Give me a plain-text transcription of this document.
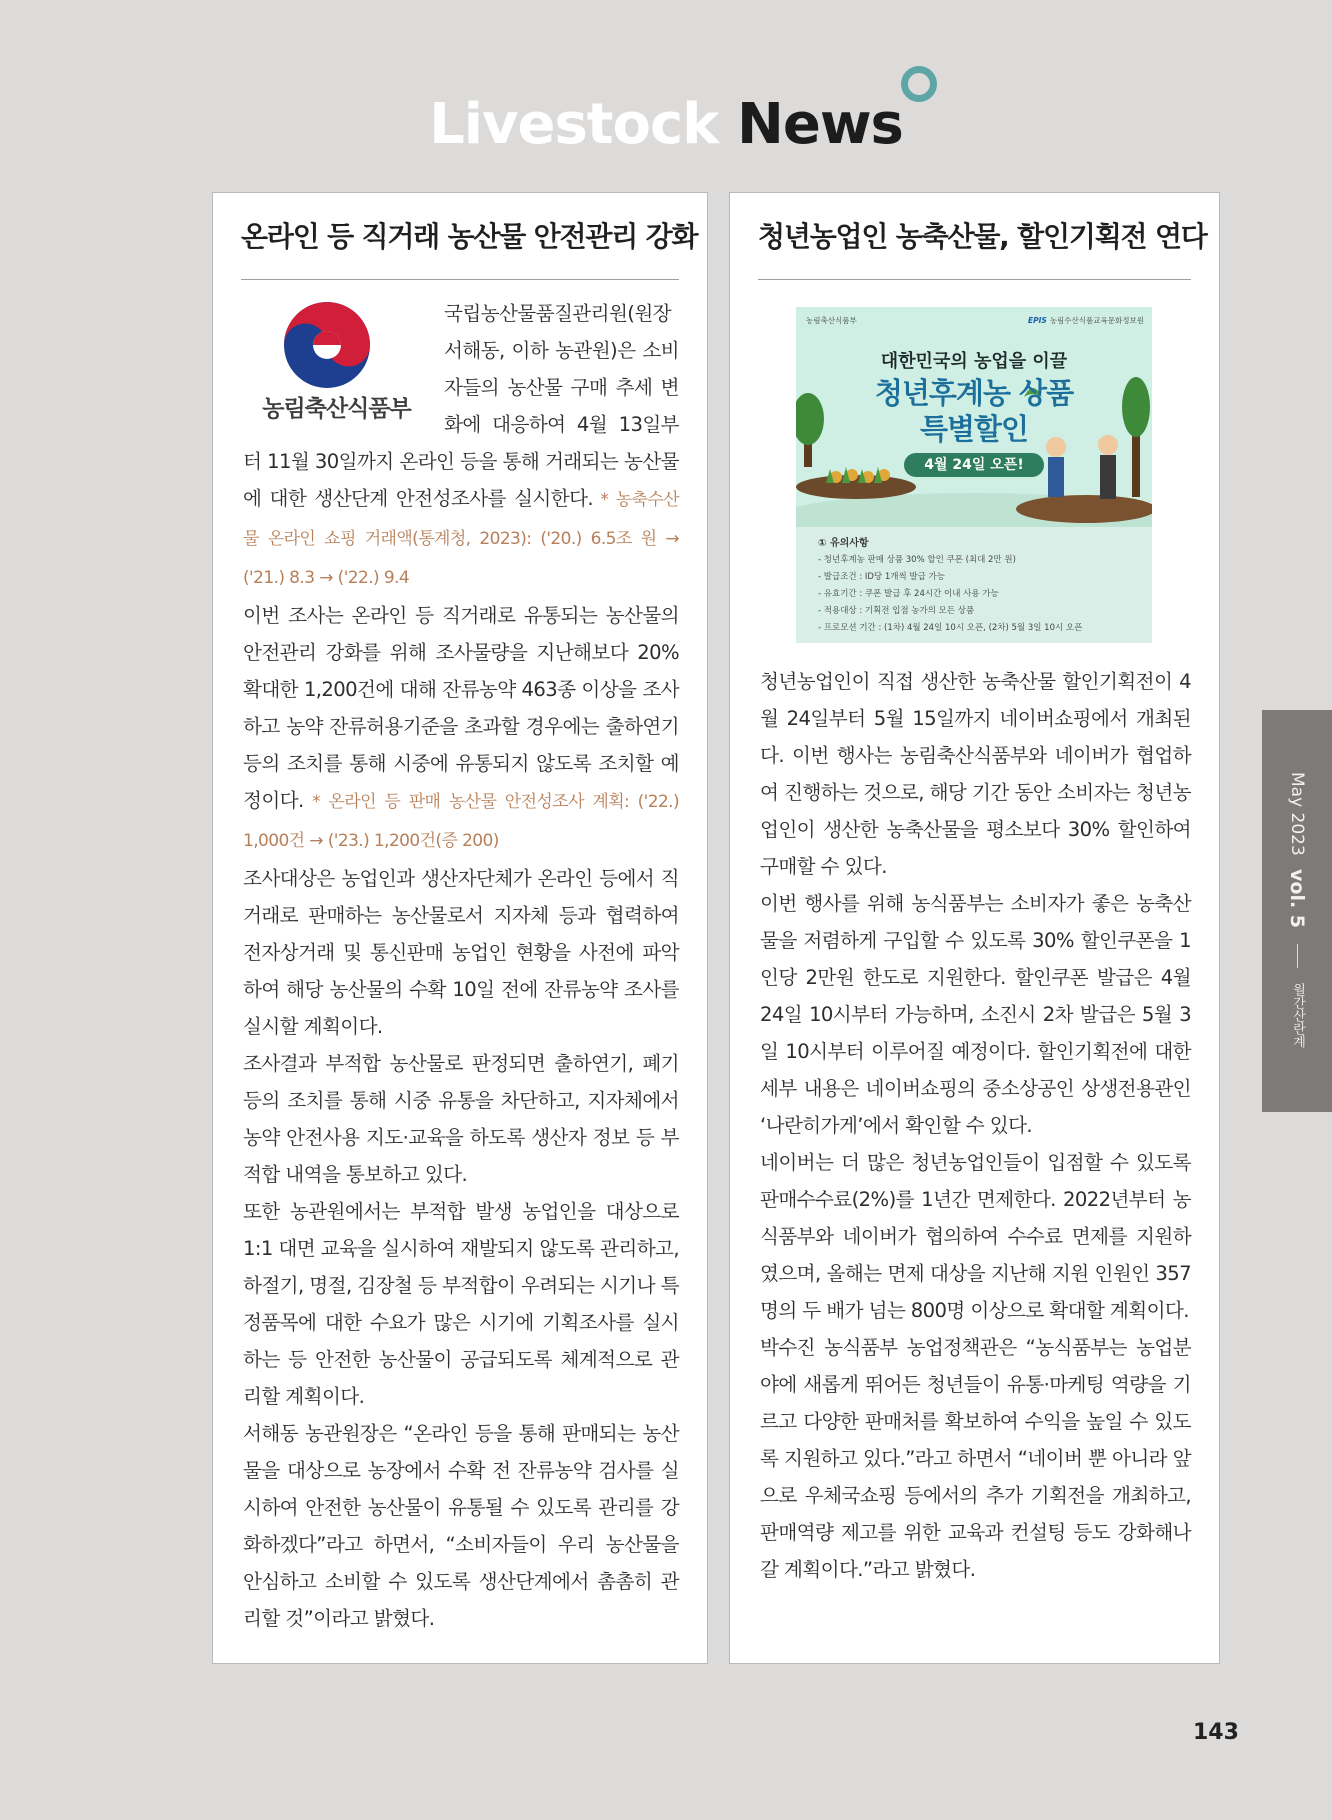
Livestock News
온라인 등 직거래 농산물 안전관리 강화
농림축산식품부

국립농산물품질관리원(원장 서해동, 이하 농관원)은 소비자들의 농산물 구매 추세 변화에 대응하여 4월 13일부터 11월 30일까지 온라인 등을 통해 거래되는 농산물에 대한 생산단계 안전성조사를 실시한다. * 농축수산물 온라인 쇼핑 거래액(통계청, 2023): ('20.) 6.5조 원 → ('21.) 8.3 → ('22.) 9.4

이번 조사는 온라인 등 직거래로 유통되는 농산물의 안전관리 강화를 위해 조사물량을 지난해보다 20% 확대한 1,200건에 대해 잔류농약 463종 이상을 조사하고 농약 잔류허용기준을 초과할 경우에는 출하연기 등의 조치를 통해 시중에 유통되지 않도록 조치할 예정이다. * 온라인 등 판매 농산물 안전성조사 계획: ('22.) 1,000건 → ('23.) 1,200건(증 200)

조사대상은 농업인과 생산자단체가 온라인 등에서 직거래로 판매하는 농산물로서 지자체 등과 협력하여 전자상거래 및 통신판매 농업인 현황을 사전에 파악하여 해당 농산물의 수확 10일 전에 잔류농약 조사를 실시할 계획이다.

조사결과 부적합 농산물로 판정되면 출하연기, 폐기 등의 조치를 통해 시중 유통을 차단하고, 지자체에서 농약 안전사용 지도·교육을 하도록 생산자 정보 등 부적합 내역을 통보하고 있다.

또한 농관원에서는 부적합 발생 농업인을 대상으로 1:1 대면 교육을 실시하여 재발되지 않도록 관리하고, 하절기, 명절, 김장철 등 부적합이 우려되는 시기나 특정품목에 대한 수요가 많은 시기에 기획조사를 실시하는 등 안전한 농산물이 공급되도록 체계적으로 관리할 계획이다.

서해동 농관원장은 “온라인 등을 통해 판매되는 농산물을 대상으로 농장에서 수확 전 잔류농약 검사를 실시하여 안전한 농산물이 유통될 수 있도록 관리를 강화하겠다”라고 하면서, “소비자들이 우리 농산물을 안심하고 소비할 수 있도록 생산단계에서 촘촘히 관리할 것”이라고 밝혔다.

청년농업인 농축산물, 할인기획전 연다
농림축산식품부	EPIS 농림수산식품교육문화정보원
대한민국의 농업을 이끌
청년후계농 상품
특별할인
4월 24일 오픈!
① 유의사항
- 청년후계농 판매 상품 30% 할인 쿠폰 (최대 2만 원)
- 발급조건 : ID당 1개씩 발급 가능
- 유효기간 : 쿠폰 발급 후 24시간 이내 사용 가능
- 적용대상 : 기획전 입점 농가의 모든 상품
- 프로모션 기간 : (1차) 4월 24일 10시 오픈, (2차) 5월 3일 10시 오픈

청년농업인이 직접 생산한 농축산물 할인기획전이 4월 24일부터 5월 15일까지 네이버쇼핑에서 개최된다. 이번 행사는 농림축산식품부와 네이버가 협업하여 진행하는 것으로, 해당 기간 동안 소비자는 청년농업인이 생산한 농축산물을 평소보다 30% 할인하여 구매할 수 있다.

이번 행사를 위해 농식품부는 소비자가 좋은 농축산물을 저렴하게 구입할 수 있도록 30% 할인쿠폰을 1인당 2만원 한도로 지원한다. 할인쿠폰 발급은 4월 24일 10시부터 가능하며, 소진시 2차 발급은 5월 3일 10시부터 이루어질 예정이다. 할인기획전에 대한 세부 내용은 네이버쇼핑의 중소상공인 상생전용관인 ‘나란히가게’에서 확인할 수 있다.

네이버는 더 많은 청년농업인들이 입점할 수 있도록 판매수수료(2%)를 1년간 면제한다. 2022년부터 농식품부와 네이버가 협의하여 수수료 면제를 지원하였으며, 올해는 면제 대상을 지난해 지원 인원인 357명의 두 배가 넘는 800명 이상으로 확대할 계획이다.

박수진 농식품부 농업정책관은 “농식품부는 농업분야에 새롭게 뛰어든 청년들이 유통·마케팅 역량을 기르고 다양한 판매처를 확보하여 수익을 높일 수 있도록 지원하고 있다.”라고 하면서 “네이버 뿐 아니라 앞으로 우체국쇼핑 등에서의 추가 기획전을 개최하고, 판매역량 제고를 위한 교육과 컨설팅 등도 강화해나갈 계획이다.”라고 밝혔다.

May 2023 vol. 5  월간산란계
143
